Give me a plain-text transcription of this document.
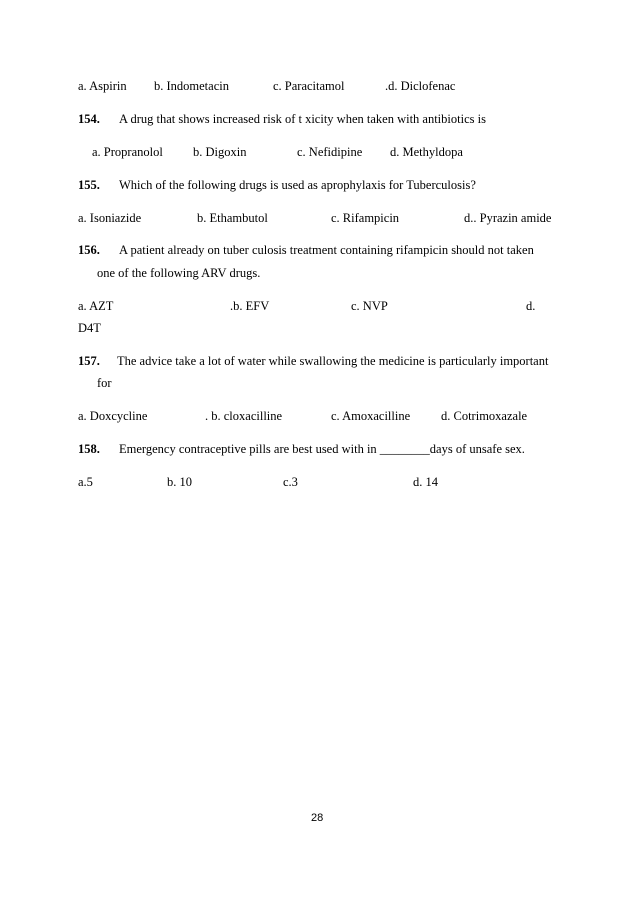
a. Aspirin b. Indometacin	c. Paracitamol	.d. Diclofenac
154. A drug that shows increased risk of t xicity when taken with antibiotics is
a. Propranolol b. Digoxin	c. Nefidipine d. Methyldopa
155. Which of the following drugs is used as aprophylaxis for Tuberculosis?
a. Isoniazide	b. Ethambutol	c. Rifampicin	d.. Pyrazin amide
156. A patient already on tuber culosis treatment containing rifampicin should not taken
one of the following ARV drugs.
a. AZT	.b. EFV	c. NVP	d.
D4T
157. The advice take a lot of water while swallowing the medicine is particularly important
for
a. Doxcycline	. b. cloxacilline	c. Amoxacilline d. Cotrimoxazale
158. Emergency contraceptive pills are best used with in ________days of unsafe sex.
a.5	b. 10	c.3	d. 14
28
